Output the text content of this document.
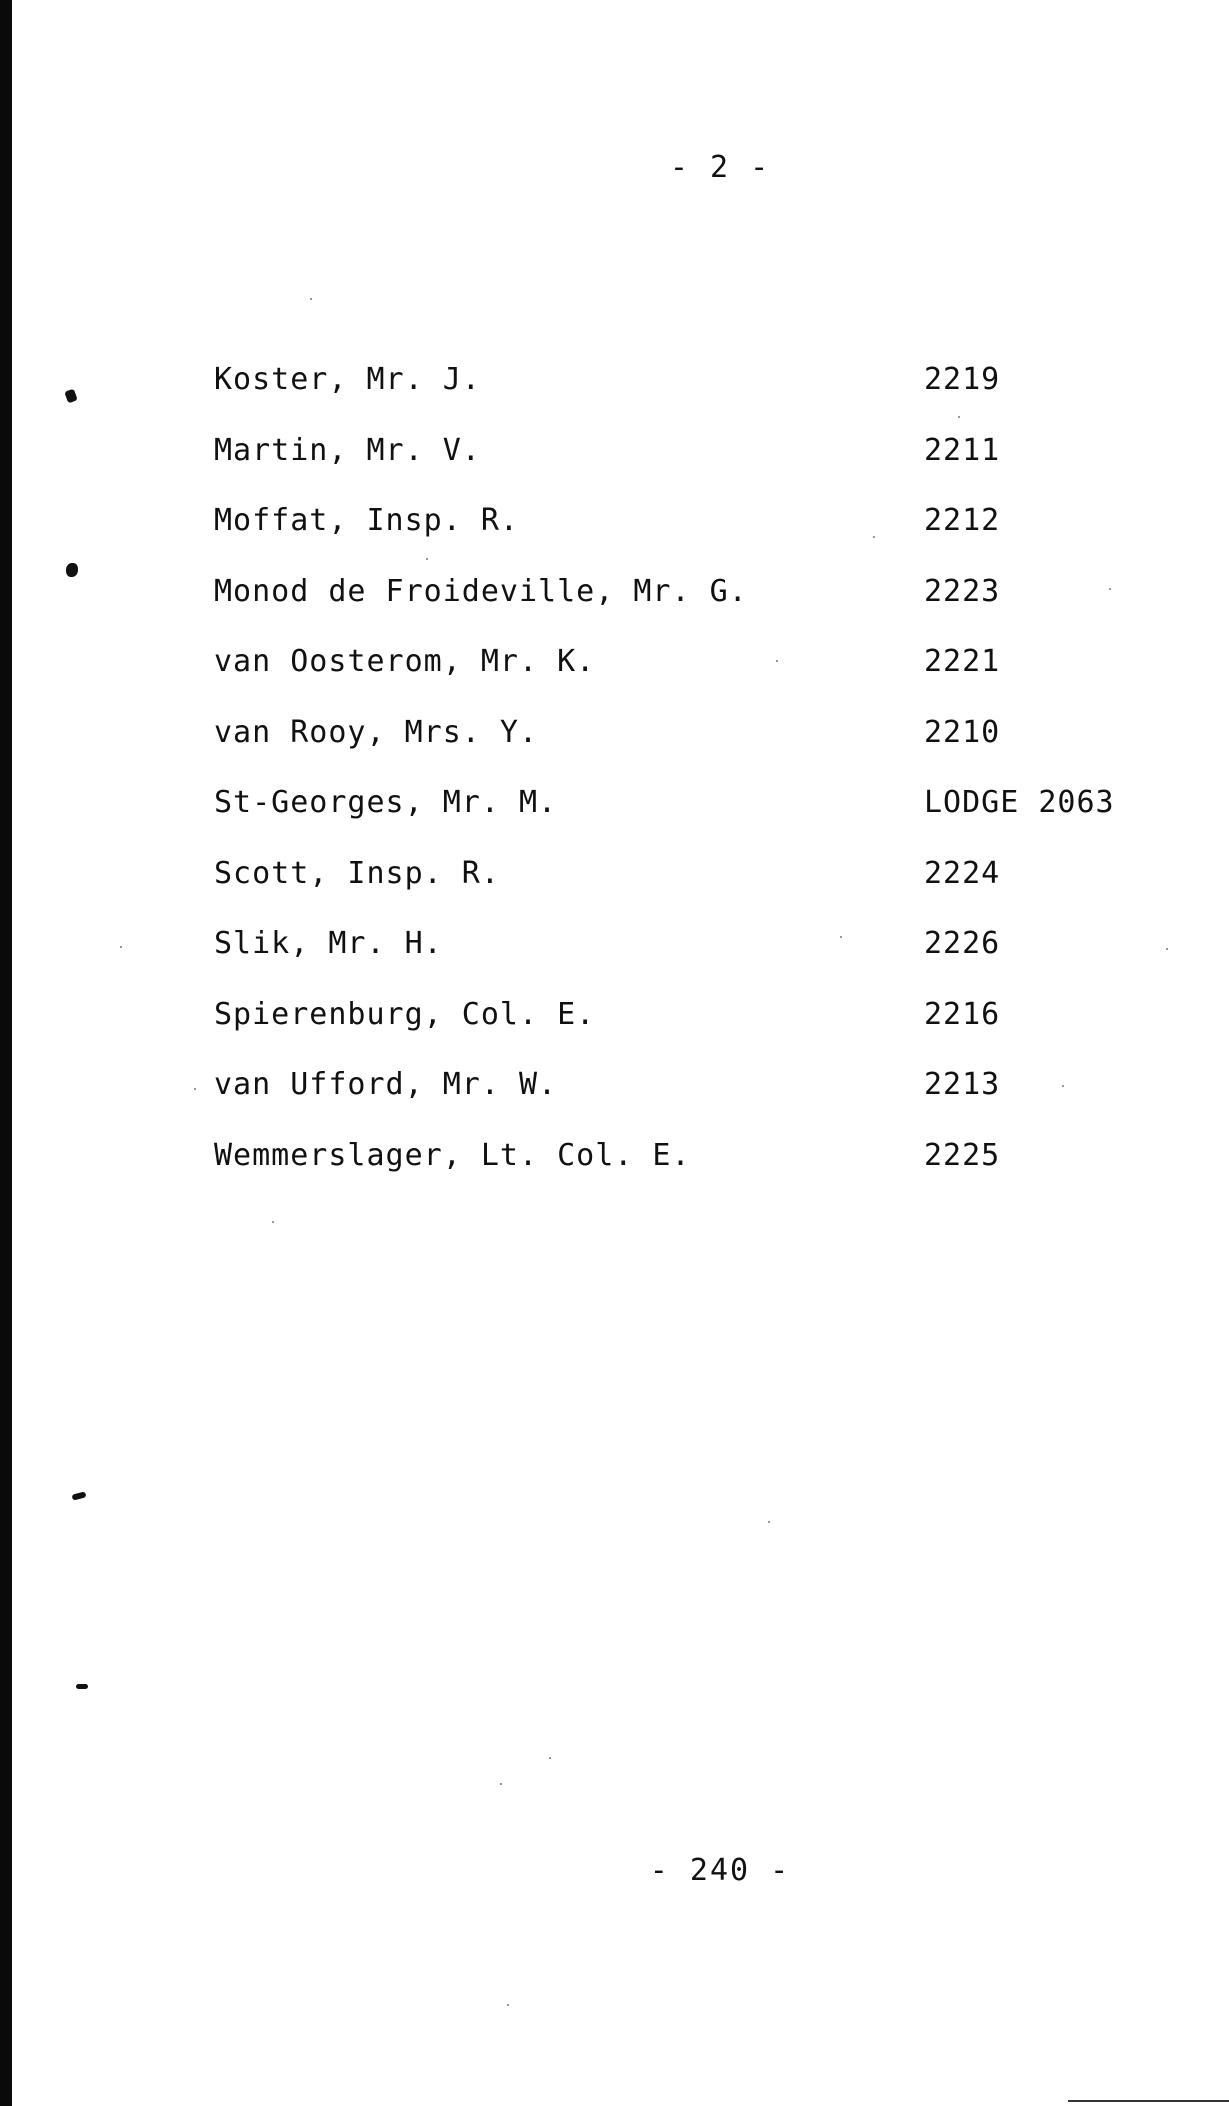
- 2 -
Koster, Mr. J.	2219
Martin, Mr. V.	2211
Moffat, Insp. R.	2212
Monod de Froideville, Mr. G.	2223
van Oosterom, Mr. K.	2221
van Rooy, Mrs. Y.	2210
St-Georges, Mr. M.	LODGE 2063
Scott, Insp. R.	2224
Slik, Mr. H.	2226
Spierenburg, Col. E.	2216
van Ufford, Mr. W.	2213
Wemmerslager, Lt. Col. E.	2225
- 240 -
